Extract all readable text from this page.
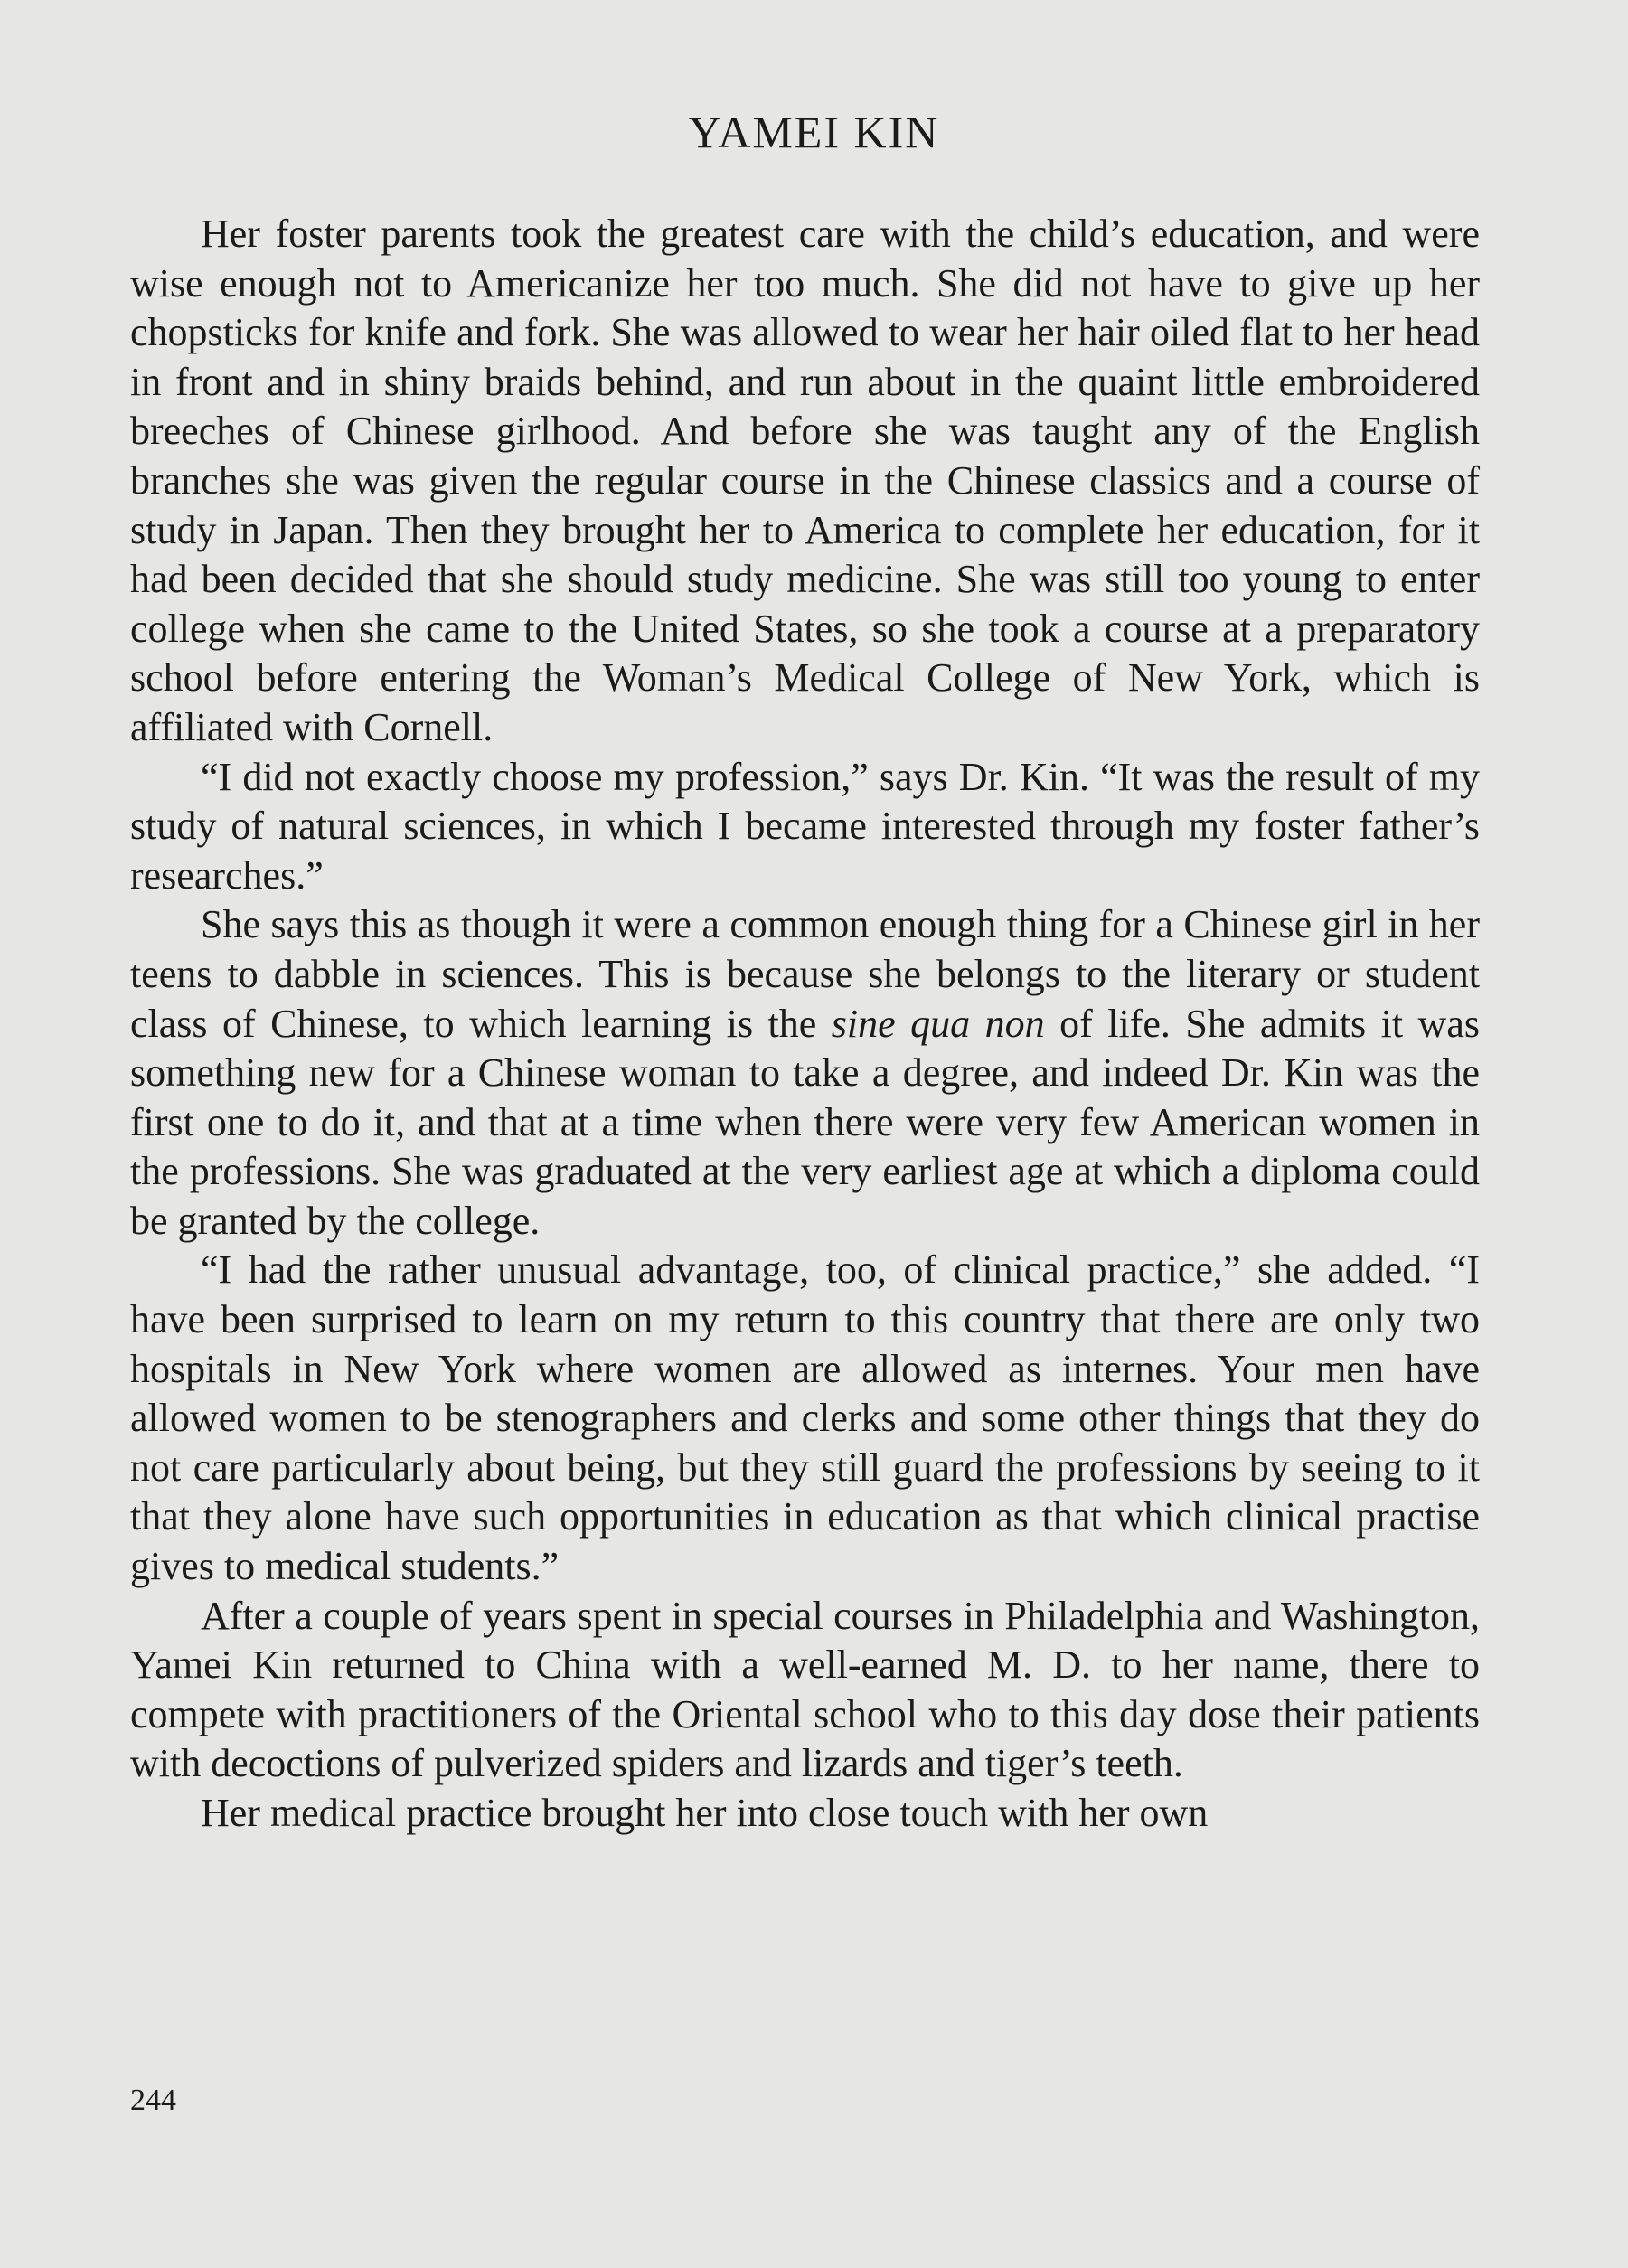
YAMEI KIN

Her foster parents took the greatest care with the child’s education, and were wise enough not to Americanize her too much. She did not have to give up her chopsticks for knife and fork. She was allowed to wear her hair oiled flat to her head in front and in shiny braids behind, and run about in the quaint little embroidered breeches of Chinese girlhood. And before she was taught any of the English branches she was given the regular course in the Chinese classics and a course of study in Japan. Then they brought her to America to complete her education, for it had been decided that she should study medicine. She was still too young to enter college when she came to the United States, so she took a course at a preparatory school before entering the Woman’s Medical College of New York, which is affiliated with Cornell.

“I did not exactly choose my profession,” says Dr. Kin. “It was the result of my study of natural sciences, in which I became interested through my foster father’s researches.”

She says this as though it were a common enough thing for a Chinese girl in her teens to dabble in sciences. This is because she belongs to the literary or student class of Chinese, to which learning is the sine qua non of life. She admits it was something new for a Chinese woman to take a degree, and indeed Dr. Kin was the first one to do it, and that at a time when there were very few American women in the professions. She was graduated at the very earliest age at which a diploma could be granted by the college.

“I had the rather unusual advantage, too, of clinical practice,” she added. “I have been surprised to learn on my return to this country that there are only two hospitals in New York where women are allowed as internes. Your men have allowed women to be stenographers and clerks and some other things that they do not care particularly about being, but they still guard the professions by seeing to it that they alone have such opportunities in education as that which clinical practise gives to medical students.”

After a couple of years spent in special courses in Philadelphia and Washington, Yamei Kin returned to China with a well-earned M. D. to her name, there to compete with practitioners of the Oriental school who to this day dose their patients with decoctions of pulverized spiders and lizards and tiger’s teeth.

Her medical practice brought her into close touch with her own

244
